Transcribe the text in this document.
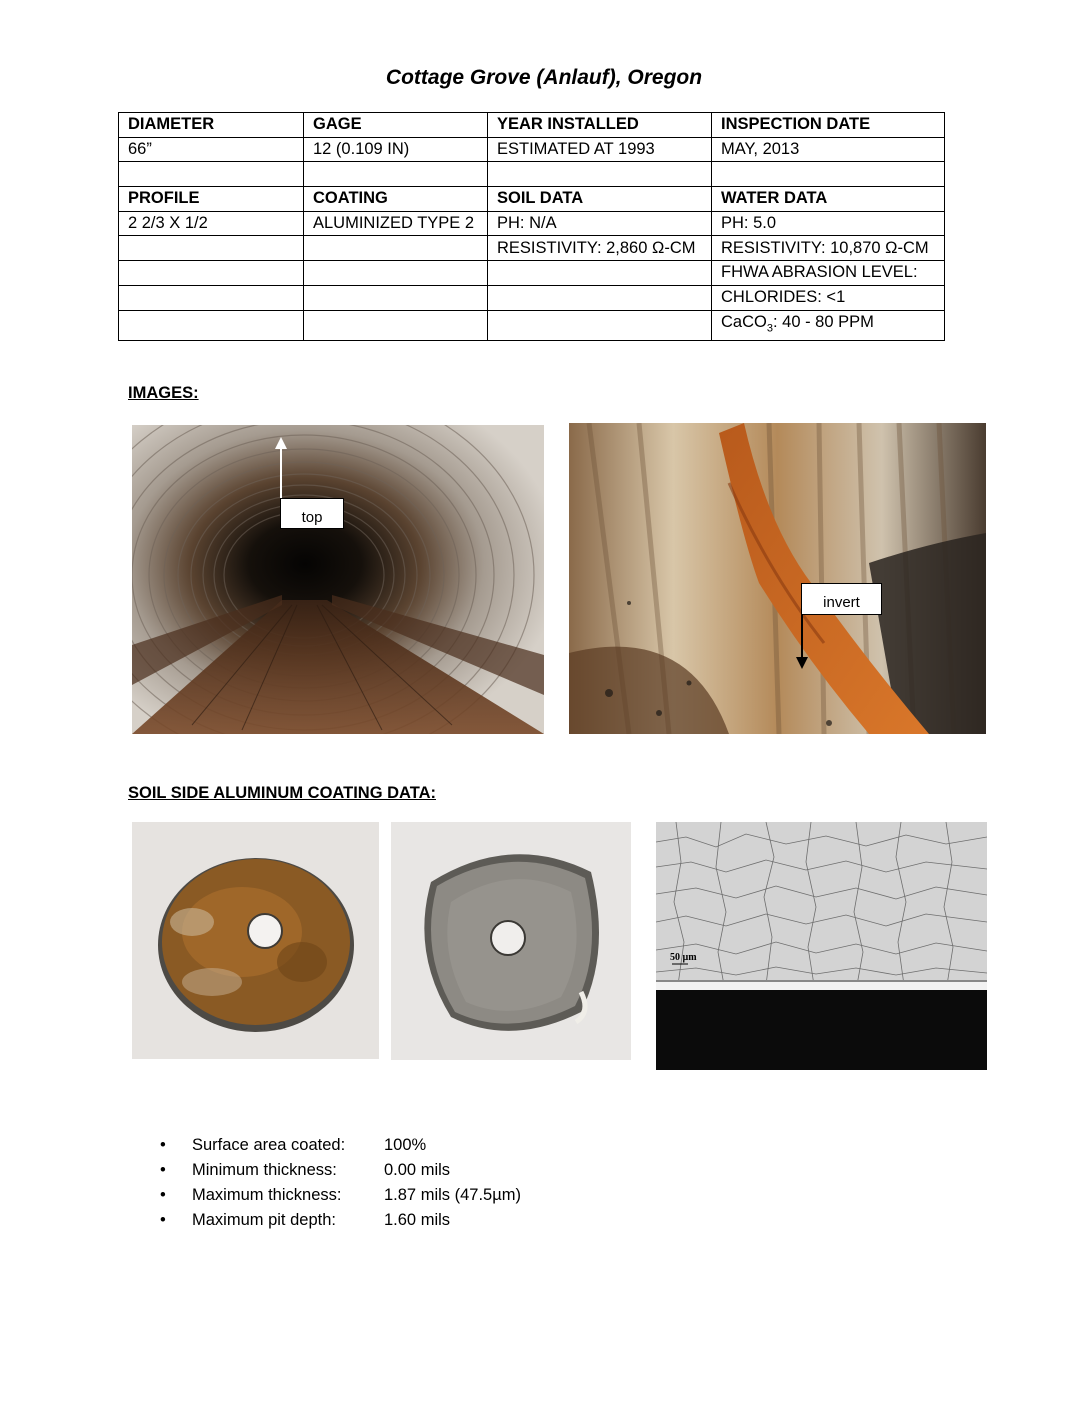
Cottage Grove (Anlauf), Oregon
DIAMETER	GAGE	YEAR INSTALLED	INSPECTION DATE
66”	12 (0.109 IN)	ESTIMATED AT 1993	MAY, 2013

PROFILE	COATING	SOIL DATA	WATER DATA
2 2/3 X 1/2	ALUMINIZED TYPE 2	PH: N/A	PH: 5.0
		RESISTIVITY: 2,860 Ω-CM	RESISTIVITY: 10,870 Ω-CM
			FHWA ABRASION LEVEL:
			CHLORIDES: <1
			CaCO$_3$: 40 - 80 PPM
IMAGES:
top
invert
SOIL SIDE ALUMINUM COATING DATA:
50 µm
• Surface area coated: 100%
• Minimum thickness:	0.00 mils
• Maximum thickness:	1.87 mils (47.5µm)
• Maximum pit depth:	1.60 mils
